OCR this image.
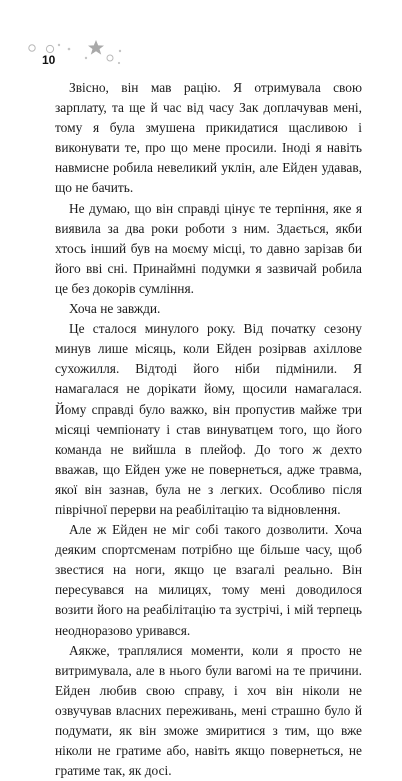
10

Звісно, він мав рацію. Я отримувала свою зарплату, та ще й час від часу Зак доплачував мені, тому я була змушена прикидатися щасливою і виконувати те, про що мене просили. Іноді я навіть навмисне робила невеликий уклін, але Ейден удавав, що не бачить.

Не думаю, що він справді цінує те терпіння, яке я виявила за два роки роботи з ним. Здається, якби хтось інший був на моєму місці, то давно зарізав би його вві сні. Принаймні подумки я зазвичай робила це без докорів сумління.

Хоча не завжди.

Це сталося минулого року. Від початку сезону минув лише місяць, коли Ейден розірвав ахіллове сухожилля. Відтоді його ніби підмінили. Я намагалася не дорікати йому, щосили намагалася. Йому справді було важко, він пропустив майже три місяці чемпіонату і став винуватцем того, що його команда не вийшла в плейоф. До того ж дехто вважав, що Ейден уже не повернеться, адже травма, якої він зазнав, була не з легких. Особливо після піврічної перерви на реабілітацію та відновлення.

Але ж Ейден не міг собі такого дозволити. Хоча деяким спортсменам потрібно ще більше часу, щоб звестися на ноги, якщо це взагалі реально. Він пересувався на милицях, тому мені доводилося возити його на реабілітацію та зустрічі, і мій терпець неодноразово уривався.

Аякже, траплялися моменти, коли я просто не витримувала, але в нього були вагомі на те причини. Ейден любив свою справу, і хоч він ніколи не озвучував власних переживань, мені страшно було й подумати, як він зможе змиритися з тим, що вже ніколи не гратиме або, навіть якщо повернеться, не гратиме так, як досі.
